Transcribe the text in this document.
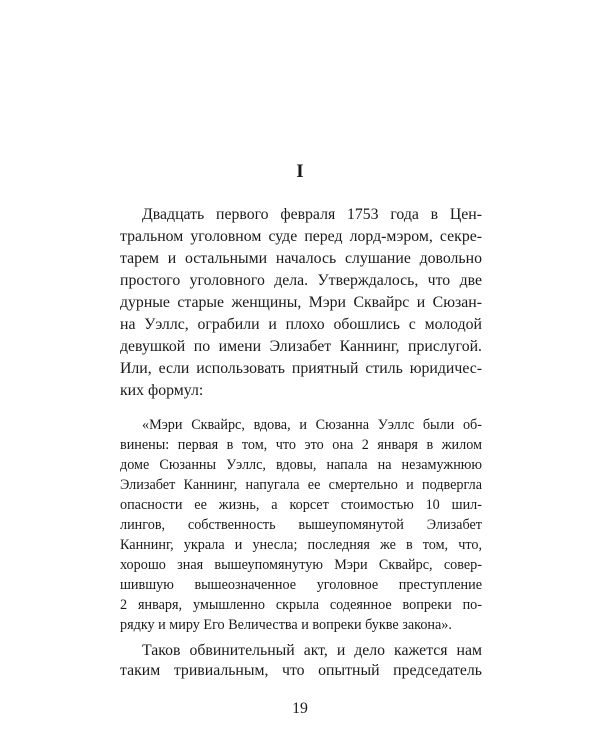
I
Двадцать первого февраля 1753 года в Цен-
тральном уголовном суде перед лорд-мэром, секре-
тарем и остальными началось слушание довольно
простого уголовного дела. Утверждалось, что две
дурные старые женщины, Мэри Сквайрс и Сюзан-
на Уэллс, ограбили и плохо обошлись с молодой
девушкой по имени Элизабет Каннинг, прислугой.
Или, если использовать приятный стиль юридичес-
ких формул:
«Мэри Сквайрс, вдова, и Сюзанна Уэллс были об-
винены: первая в том, что это она 2 января в жилом
доме Сюзанны Уэллс, вдовы, напала на незамужнюю
Элизабет Каннинг, напугала ее смертельно и подвергла
опасности ее жизнь, а корсет стоимостью 10 шил-
лингов, собственность вышеупомянутой Элизабет
Каннинг, украла и унесла; последняя же в том, что,
хорошо зная вышеупомянутую Мэри Сквайрс, совер-
шившую вышеозначенное уголовное преступление
2 января, умышленно скрыла содеянное вопреки по-
рядку и миру Его Величества и вопреки букве закона».
Таков обвинительный акт, и дело кажется нам
таким тривиальным, что опытный председатель
19
